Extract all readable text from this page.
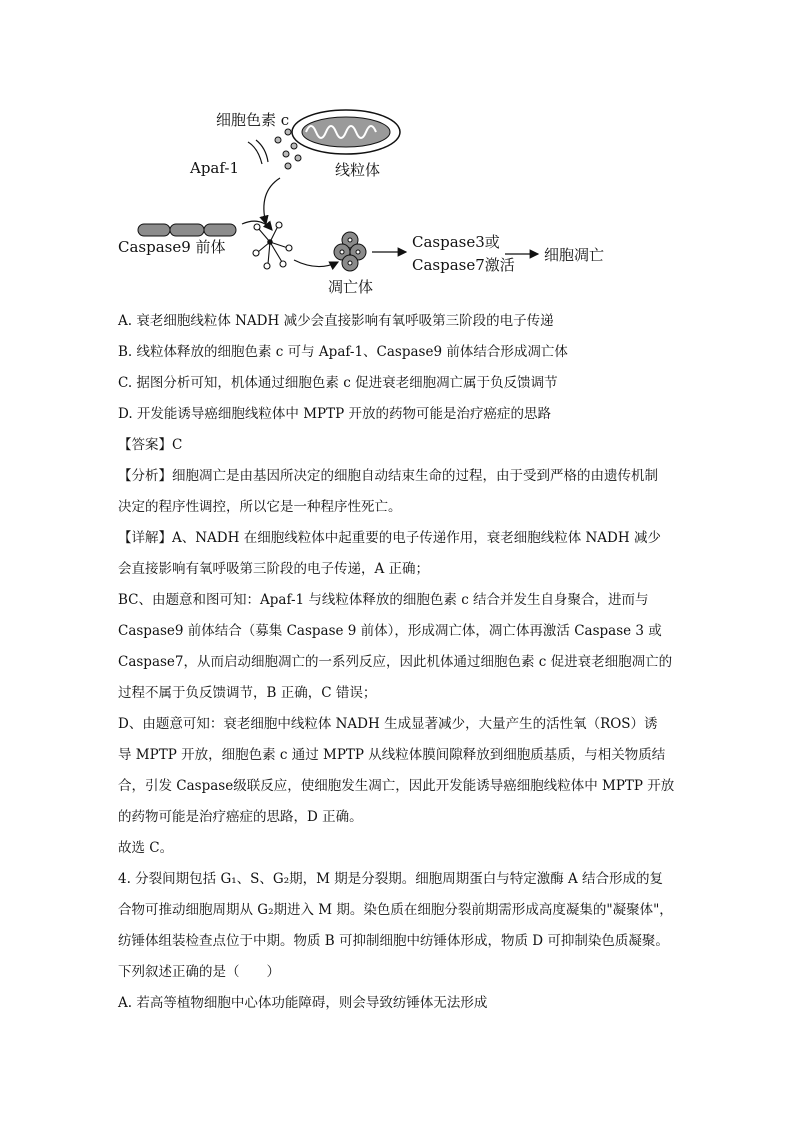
线粒体
细胞色素 c
Apaf-1
Caspase9 前体
凋亡体
Caspase3或
Caspase7激活
细胞凋亡
A. 衰老细胞线粒体 NADH 减少会直接影响有氧呼吸第三阶段的电子传递
B. 线粒体释放的细胞色素 c 可与 Apaf-1、Caspase9 前体结合形成凋亡体
C. 据图分析可知，机体通过细胞色素 c 促进衰老细胞凋亡属于负反馈调节
D. 开发能诱导癌细胞线粒体中 MPTP 开放的药物可能是治疗癌症的思路
【答案】C
【分析】细胞凋亡是由基因所决定的细胞自动结束生命的过程，由于受到严格的由遗传机制
决定的程序性调控，所以它是一种程序性死亡。
【详解】A、NADH 在细胞线粒体中起重要的电子传递作用，衰老细胞线粒体 NADH 减少
会直接影响有氧呼吸第三阶段的电子传递，A 正确；
BC、由题意和图可知：Apaf-1 与线粒体释放的细胞色素 c 结合并发生自身聚合，进而与
Caspase9 前体结合（募集 Caspase 9 前体），形成凋亡体，凋亡体再激活 Caspase 3 或
Caspase7，从而启动细胞凋亡的一系列反应，因此机体通过细胞色素 c 促进衰老细胞凋亡的
过程不属于负反馈调节，B 正确，C 错误；
D、由题意可知：衰老细胞中线粒体 NADH 生成显著减少，大量产生的活性氧（ROS）诱
导 MPTP 开放，细胞色素 c 通过 MPTP 从线粒体膜间隙释放到细胞质基质，与相关物质结
合，引发 Caspase级联反应，使细胞发生凋亡，因此开发能诱导癌细胞线粒体中 MPTP 开放
的药物可能是治疗癌症的思路，D 正确。
故选 C。
4. 分裂间期包括 G₁、S、G₂期，M 期是分裂期。细胞周期蛋白与特定激酶 A 结合形成的复
合物可推动细胞周期从 G₂期进入 M 期。染色质在细胞分裂前期需形成高度凝集的"凝聚体"，
纺锤体组装检查点位于中期。物质 B 可抑制细胞中纺锤体形成，物质 D 可抑制染色质凝聚。
下列叙述正确的是（　　）
A. 若高等植物细胞中心体功能障碍，则会导致纺锤体无法形成
